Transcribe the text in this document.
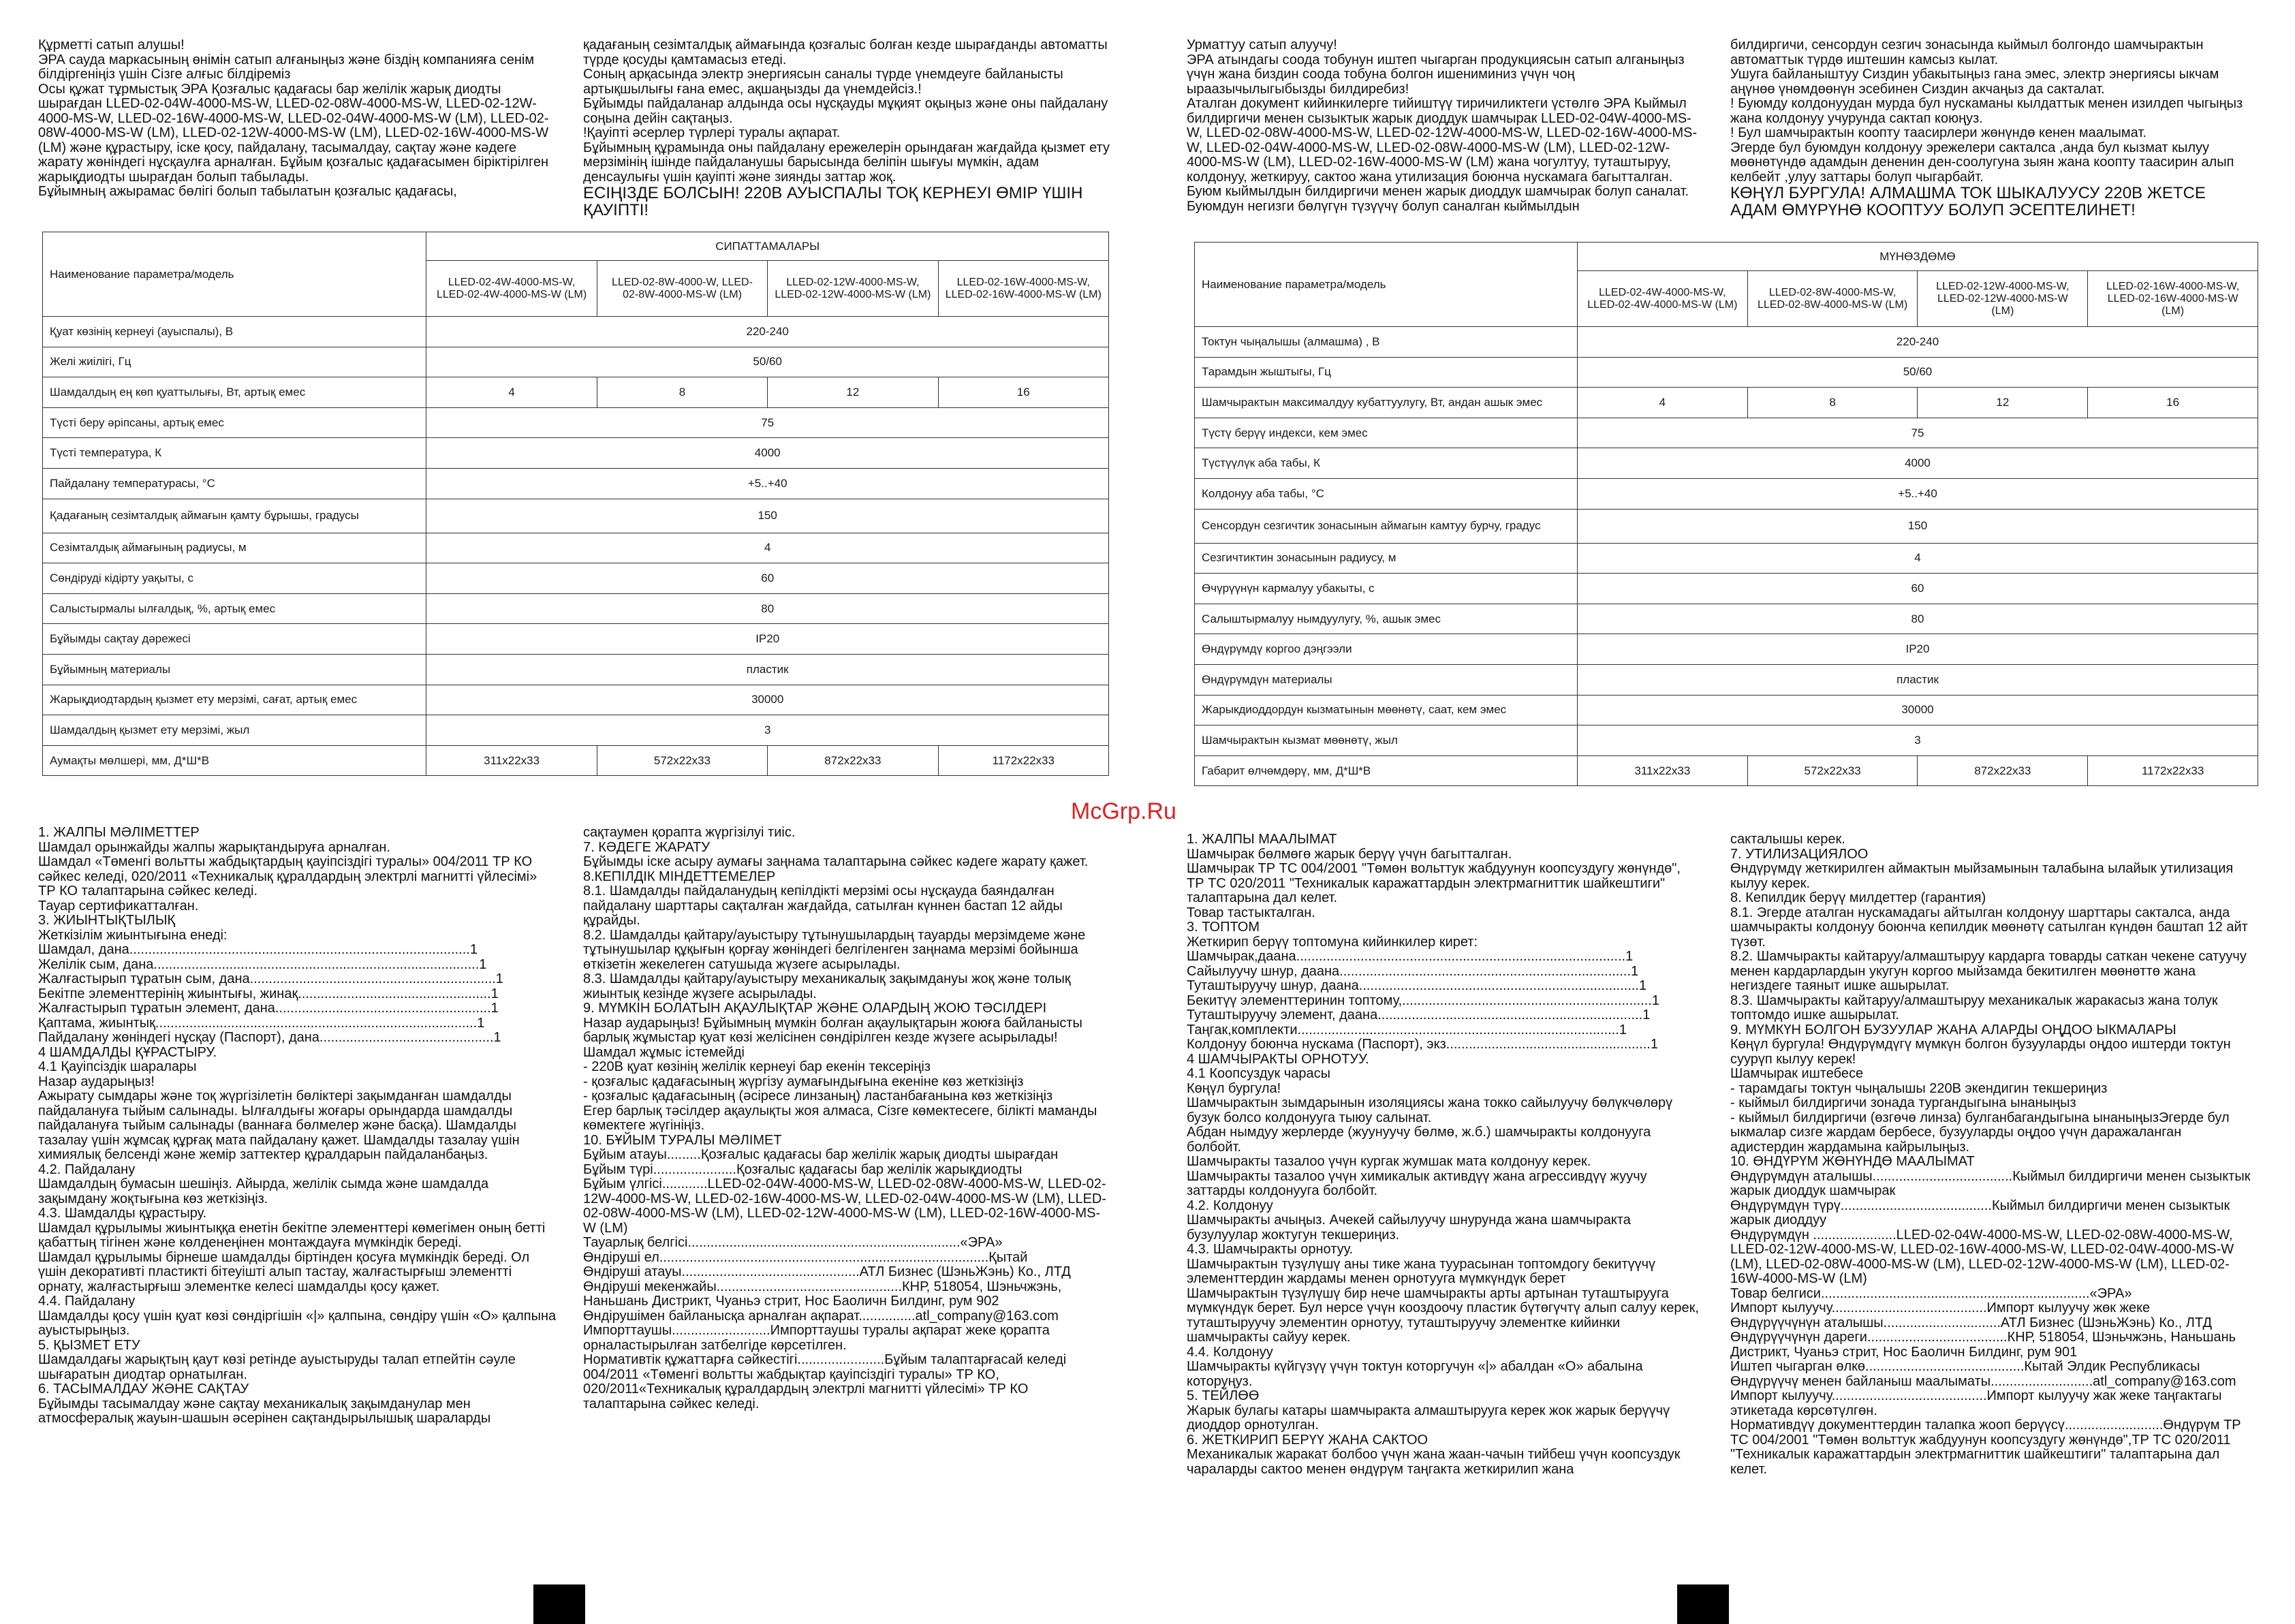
Құрметті сатып алушы!
ЭРА сауда маркасының өнімін сатып алғаныңыз және біздің компанияға сенім білдіргеніңіз үшін Сізге алғыс білдіреміз
Осы құжат тұрмыстық ЭРА Қозғалыс қадағасы бар желілік жарық диодты шырағдан LLED-02-04W-4000-MS-W, LLED-02-08W-4000-MS-W, LLED-02-12W-4000-MS-W, LLED-02-16W-4000-MS-W, LLED-02-04W-4000-MS-W (LM), LLED-02-08W-4000-MS-W (LM), LLED-02-12W-4000-MS-W (LM), LLED-02-16W-4000-MS-W (LM) және құрастыру, іске қосу, пайдалану, тасымалдау, сақтау және кәдеге жарату жөніндегі нұсқаулға арналған. Бұйым қозғалыс қадағасымен біріктірілген жарықдиодты шырағдан болып табылады.
Бұйымның ажырамас бөлігі болып табылатын қозғалыс қадағасы,
қадағаның сезімталдық аймағында қозғалыс болған кезде шырағданды автоматты түрде қосуды қамтамасыз етеді.
Соның арқасында электр энергиясын саналы түрде үнемдеуге байланысты артықшылығы ғана емес, ақшаңызды да үнемдейсіз.!
Бұйымды пайдаланар алдында осы нұсқауды мұқият оқыңыз және оны пайдалану соңына дейін сақтаңыз.
!Қауіпті әсерлер түрлері туралы ақпарат.
Бұйымның құрамында оны пайдалану ережелерін орындаған жағдайда қызмет ету мерзімінің ішінде пайдаланушы барысында беліпін шығуы мүмкін, адам денсаулығы үшін қауіпті және зиянды заттар жоқ.
ЕСІҢІЗДЕ БОЛСЫН! 220В АУЫСПАЛЫ ТОҚ КЕРНЕУІ ӨМІР ҮШІН ҚАУІПТІ!
Наименование параметра/модель	СИПАТТАМАЛАРЫ			
	LLED-02-4W-4000-MS-W, LLED-02-4W-4000-MS-W (LM)	LLED-02-8W-4000-W, LLED-02-8W-4000-MS-W (LM)	LLED-02-12W-4000-MS-W, LLED-02-12W-4000-MS-W (LM)	LLED-02-16W-4000-MS-W, LLED-02-16W-4000-MS-W (LM)
Қуат көзінің кернеуі (ауыспалы), В	220-240			
Желі жиілігі, Гц	50/60			
Шамдалдың ең көп қуаттылығы, Вт, артық емес	4	8	12	16
Түсті беру әріпсаны, артық емес	75			
Түсті температура, К	4000			
Пайдалану температурасы, °С	+5..+40			
Қадағаның сезімталдық аймағын қамту бұрышы, градусы	150			
Сезімталдық аймағының радиусы, м	4			
Сөндіруді кідірту уақыты, с	60			
Салыстырмалы ылғалдық, %, артық емес	80			
Бұйымды сақтау дәрежесі	IP20			
Бұйымның материалы	пластик			
Жарықдиодтардың қызмет ету мерзімі, сағат, артық емес	30000			
Шамдалдың қызмет ету мерзімі, жыл	3			
Аумақты мөлшері, мм, Д*Ш*В	311x22x33	572x22x33	872x22x33	1172x22x33
1. ЖАЛПЫ МӘЛІМЕТТЕР
Шамдал орынжайды жалпы жарықтандыруға арналған.
Шамдал «Төменгі вольтты жабдықтардың қауіпсіздігі туралы» 004/2011 ТР КО сәйкес келеді, 020/2011 «Техникалық құралдардың электрлі магнитті үйлесімі» ТР КО талаптарына сәйкес келеді.
Тауар сертификатталған.
3. ЖИЫНТЫҚТЫЛЫҚ
Жеткізілім жиынтығына енеді:
Шамдал, дана..........................................................................................1
Желілік сым, дана......................................................................................1
Жалғастырып тұратын сым, дана.................................................................1
Бекітпе элементтерінің жиынтығы, жинақ...................................................1
Жалғастырып тұратын элемент, дана.........................................................1
Қаптама, жиынтық.....................................................................................1
Пайдалану жөніндегі нұсқау (Паспорт), дана..............................................1
4 ШАМДАЛДЫ ҚҰРАСТЫРУ.
4.1 Қауіпсіздік шаралары
Назар аударыңыз!
Ажырату сымдары және тоқ жүргізілетін бөліктері зақымданған шамдалды пайдалануға тыйым салынады. Ылғалдығы жоғары орындарда шамдалды пайдалануға тыйым салынады (ваннаға бөлмелер және басқа). Шамдалды тазалау үшін жұмсақ құрғақ мата пайдалану қажет. Шамдалды тазалау үшін химиялық белсенді және жемір заттектер құралдарын пайдаланбаңыз.
4.2. Пайдалану
Шамдалдың бумасын шешіңіз. Айырда, желілік сымда және шамдалда зақымдану жоқтығына көз жеткізіңіз.
4.3. Шамдалды құрастыру.
Шамдал құрылымы жиынтыққа енетін бекітпе элементтері көмегімен оның бетті қабаттың тігінен және көлденеңінен монтаждауға мүмкіндік береді.
Шамдал құрылымы бірнеше шамдалды біртінден қосуға мүмкіндік береді. Ол үшін декоративті пластикті бітеуішті алып тастау, жалғастырғыш элементті орнату, жалғастырғыш элементке келесі шамдалды қосу қажет.
4.4. Пайдалану
Шамдалды қосу үшін қуат көзі сөндіргішін «|» қалпына, сөндіру үшін «О» қалпына ауыстырыңыз.
5. ҚЫЗМЕТ ЕТУ
Шамдалдағы жарықтың қаут көзі ретінде ауыстыруды талап етпейтін сәуле шығаратын диодтар орнатылған.
6. ТАСЫМАЛДАУ ЖӘНЕ САҚТАУ
Бұйымды тасымалдау және сақтау механикалық зақымданулар мен атмосфералық жауын-шашын әсерінен сақтандырылышық шараларды
сақтаумен қорапта жүргізілуі тиіс.
7. КӘДЕГЕ ЖАРАТУ
Бұйымды іске асыру аумағы заңнама талаптарына сәйкес кәдеге жарату қажет.
8.КЕПІЛДІК МІНДЕТТЕМЕЛЕР
8.1. Шамдалды пайдаланудың кепілдікті мерзімі осы нұсқауда баяндалған пайдалану шарттары сақталған жағдайда, сатылған күннен бастап 12 айды құрайды.
8.2. Шамдалды қайтару/ауыстыру тұтынушылардың тауарды мерзімдеме және тұтынушылар құқығын қорғау жөніндегі белгіленген заңнама мерзімі бойынша өткізетін жекелеген сатушыда жүзеге асырылады.
8.3. Шамдалды қайтару/ауыстыру механикалық зақымдануы жоқ және толық жиынтық кезінде жүзеге асырылады.
9. МҮМКІН БОЛАТЫН АҚАУЛЫҚТАР ЖӘНЕ ОЛАРДЫҢ ЖОЮ ТӘСІЛДЕРІ
Назар аударыңыз! Бұйымның мүмкін болған ақаулықтарын жоюға байланысты барлық жұмыстар қуат көзі желісінен сөндірілген кезде жүзеге асырылады!
Шамдал жұмыс істемейді
- 220В қуат көзінің желілік кернеуі бар екенін тексеріңіз
- қозғалыс қадағасының жүргізу аумағындығына екеніне көз жеткізіңіз
- қозғалыс қадағасының (әсіресе линзаның) ластанбағанына көз жеткізіңіз
Егер барлық тәсілдер ақаулықты жоя алмаса, Сізге көмектесеге, білікті маманды көмектеге жүгініңіз.
10. БҰЙЫМ ТУРАЛЫ МӘЛІМЕТ
Бұйым атауы.........Қозғалыс қадағасы бар желілік жарық диодты шырағдан
Бұйым түрі......................Қозғалыс қадағасы бар желілік жарықдиодты
Бұйым үлгісі............LLED-02-04W-4000-MS-W, LLED-02-08W-4000-MS-W, LLED-02-12W-4000-MS-W, LLED-02-16W-4000-MS-W, LLED-02-04W-4000-MS-W (LM), LLED-02-08W-4000-MS-W (LM), LLED-02-12W-4000-MS-W (LM), LLED-02-16W-4000-MS-W (LM)
Тауарлық белгісі........................................................................«ЭРА»
Өндіруші ел.......................................................................................Қытай
Өндіруші атауы...............................................АТЛ Бизнес (ШэньЖэнь) Ко., ЛТД
Өндіруші мекенжайы.................................................КНР, 518054, Шэньчжэнь, Наньшань Дистрикт, Чуаньэ стрит, Нос Баоличн Билдинг, рум 902
Өндірушімен байланысқа арналған ақпарат...............atl_company@163.com
Импорттаушы..........................Импорттаушы туралы ақпарат жеке қорапта орналастырылған затбелгіде көрсетілген.
Нормативтік құжаттарға сәйкестігі.......................Бұйым талаптарғасай келеді 004/2011 «Төменгі вольтты жабдықтар қауіпсіздігі туралы» ТР КО, 020/2011«Техникалық құралдардың электрлі магнитті үйлесімі» ТР КО талаптарына сәйкес келеді.
Урматтуу сатып алуучу!
ЭРА атындагы соода тобунун иштеп чыгарган продукциясын сатып алганыңыз үчүн жана биздин соода тобуна болгон ишениминиз үчүн чоң ыраазычылыгыбызды билдиребиз!
Аталган документ кийинкилерге тийиштүү тиричиликтеги үстөлгө ЭРА Кыймыл билдиргичи менен сызыктык жарык диоддук шамчырак LLED-02-04W-4000-MS-W, LLED-02-08W-4000-MS-W, LLED-02-12W-4000-MS-W, LLED-02-16W-4000-MS-W, LLED-02-04W-4000-MS-W, LLED-02-08W-4000-MS-W (LM), LLED-02-12W-4000-MS-W (LM), LLED-02-16W-4000-MS-W (LM) жана чогултуу, туташтыруу, колдонуу, жеткируу, сактоо жана утилизация боюнча нускамага багытталган. Буюм кыймылдын билдиргичи менен жарык диоддук шамчырак болуп саналат.
Буюмдун негизги бөлүгүн түзүүчү болуп саналган кыймылдын
билдиргичи, сенсордун сезгич зонасында кыймыл болгондо шамчырактын автоматтык түрдө иштешин камсыз кылат.
Ушуга байланыштуу Сиздин убакытыңыз гана эмес, электр энергиясы ыкчам аңүнөө үнөмдөөнүн эсебинен Сиздин акчаңыз да сакталат.
! Буюмду колдонуудан мурда бул нускаманы кылдаттык менен изилдеп чыгыңыз жана колдонуу учурунда сактап коюңуз.
! Бул шамчырактын коопту таасирлери жөнүндө кенен маалымат.
Эгерде бул буюмдун колдонуу эрежелери сакталса ,анда бул кызмат кылуу мөөнөтүндө адамдын дененин ден-соолугуна зыян жана коопту таасирин алып келбейт ,улуу заттары болуп чыгарбайт.
КӨҢҮЛ БУРГУЛА! АЛМАШМА ТОК ШЫКАЛУУСУ 220В ЖЕТСЕ АДАМ ӨМҮРҮНӨ КООПТУУ БОЛУП ЭСЕПТЕЛИНЕТ!
Наименование параметра/модель	МҮНӨЗДӨМӨ			
	LLED-02-4W-4000-MS-W, LLED-02-4W-4000-MS-W (LM)	LLED-02-8W-4000-MS-W, LLED-02-8W-4000-MS-W (LM)	LLED-02-12W-4000-MS-W, LLED-02-12W-4000-MS-W (LM)	LLED-02-16W-4000-MS-W, LLED-02-16W-4000-MS-W (LM)
Токтун чыңалышы (алмашма) , В	220-240			
Тарамдын жыштыгы, Гц	50/60			
Шамчырактын максималдуу кубаттуулугу, Вт, андан ашык эмес	4	8	12	16
Түстү берүү индекси, кем эмес	75			
Түстүүлүк аба табы, К	4000			
Колдонуу аба табы, °С	+5..+40			
Сенсордун сезгичтик зонасынын аймагын камтуу бурчу, градус	150			
Сезгичтиктин зонасынын радиусу, м	4			
Өчүрүүнүн кармалуу убакыты, с	60			
Салыштырмалуу нымдуулугу, %, ашык эмес	80			
Өндүрүмдү коргоо дэңгээли	IP20			
Өндүрүмдүн материалы	пластик			
Жарыкдиоддордун кызматынын мөөнөтү, саат, кем эмес	30000			
Шамчырактын кызмат мөөнөтү, жыл	3			
Габарит өлчөмдөрү, мм, Д*Ш*В	311x22x33	572x22x33	872x22x33	1172x22x33
1. ЖАЛПЫ МААЛЫМАТ
Шамчырак бөлмөгө жарык берүү үчүн багытталган.
Шамчырак ТР ТС 004/2001 "Төмөн вольттук жабдуунун коопсуздугу жөнүндө", ТР ТС 020/2011 "Техникалык каражаттардын электрмагниттик шайкештиги" талаптарына дал келет.
Товар тастыкталган.
3. ТОПТОМ
Жеткирип берүү топтомуна кийинкилер кирет:
Шамчырак,даана.......................................................................................1
Сайылуучу шнур, даана.............................................................................1
Туташтыруучу шнур, даана..........................................................................1
Бекитүү элементтеринин топтому,..................................................................1
Туташтыруучу элемент, даана......................................................................1
Таңгак,комплекти.....................................................................................1
Колдонуу боюнча нускама (Паспорт), экз......................................................1
4 ШАМЧЫРАКТЫ ОРНОТУУ.
4.1 Коопсуздук чарасы
Көңүл бургула!
Шамчырактын зымдарынын изоляциясы жана токко сайылуучу бөлүкчөлөрү бузук болсо колдонууга тыюу салынат.
Абдан нымдуу жерлерде (жуунуучу бөлмө, ж.б.) шамчыракты колдонууга болбойт.
Шамчыракты тазалоо үчүн кургак жумшак мата колдонуу керек.
Шамчыракты тазалоо үчүн химикалык активдүү жана агрессивдүү жуучу заттарды колдонууга болбойт.
4.2. Колдонуу
Шамчыракты ачыңыз. Ачекей сайылуучу шнурунда жана шамчыракта бузулуулар жоктугун текшериңиз.
4.3. Шамчыракты орнотуу.
Шамчырактын түзүлүшү аны тике жана туурасынан топтомдогу бекитүүчү элементтердин жардамы менен орнотууга мүмкүндүк берет
Шамчырактын түзүлүшү бир нече шамчыракты арты артынан туташтырууга мүмкүндүк берет. Бул нерсе үчүн кооздоочу пластик бүтөгүчтү алып салуу керек, туташтыруучу элементин орнотуу, туташтыруучу элементке кийинки шамчыракты сайуу керек.
4.4. Колдонуу
Шамчыракты күйгүзүү үчүн токтун которгучун «|» абалдан «О» абалына которуңуз.
5. ТЕЙЛӨӨ
Жарык булагы катары шамчыракта алмаштырууга керек жок жарык берүүчү диоддор орнотулган.
6. ЖЕТКИРИП БЕРҮҮ ЖАНА САКТОО
Механикалык жаракат болбоо үчүн жана жаан-чачын тийбеш үчүн коопсуздук чараларды сактоо менен өндүрүм таңгакта жеткирилип жана
сакталышы керек.
7. УТИЛИЗАЦИЯЛОО
Өндүрүмдү жеткирилген аймактын мыйзамынын талабына ылайык утилизация кылуу керек.
8. Кепилдик берүү милдеттер (гарантия)
8.1. Эгерде аталган нускамадагы айтылган колдонуу шарттары сакталса, анда шамчыракты колдонуу боюнча кепилдик мөөнөтү сатылган күндөн баштап 12 айт түзөт.
8.2. Шамчыракты кайтаруу/алмаштыруу кардарга товарды саткан чекене сатуучу менен кардарлардын укугун коргоо мыйзамда бекитилген мөөнөттө жана негиздеге таяныт ишке ашырылат.
8.3. Шамчыракты кайтаруу/алмаштыруу механикалык жаракасыз жана толук топтомдо ишке ашырылат.
9. МҮМКҮН БОЛГОН БУЗУУЛАР ЖАНА АЛАРДЫ ОҢДОО ЫКМАЛАРЫ
Көңүл бургула! Өндүрүмдүгү мүмкүн болгон бузууларды оңдоо иштерди токтун суурүп кылуу керек!
Шамчырак иштебесе
- тарамдагы токтун чыңалышы 220В экендигин текшериңиз
- кыймыл билдиргичи зонада тургандыгына ынаныңыз
- кыймыл билдиргичи (өзгөчө линза) булганбагандыгына ынаныңызЭгерде бул ыкмалар сизге жардам бербесе, бузууларды оңдоо үчүн даражаланган адистердин жардамына кайрылыңыз.
10. ӨНДҮРҮМ ЖӨНҮНДӨ МААЛЫМАТ
Өндүрүмдүн аталышы.....................................Кыймыл билдиргичи менен сызыктык жарык диоддук шамчырак
Өндүрүмдүн түрү........................................Кыймыл билдиргичи менен сызыктык жарык диоддуу
Өндүрүмдүн ......................LLED-02-04W-4000-MS-W, LLED-02-08W-4000-MS-W, LLED-02-12W-4000-MS-W, LLED-02-16W-4000-MS-W, LLED-02-04W-4000-MS-W (LM), LLED-02-08W-4000-MS-W (LM), LLED-02-12W-4000-MS-W (LM), LLED-02-16W-4000-MS-W (LM)
Товар белгиси.......................................................................«ЭРА»
Импорт кылуучу.........................................Импорт кылуучу жөк жеке
Өндүрүүчүнүн аталышы...............................АТЛ Бизнес (ШэньЖэнь) Ко., ЛТД
Өндүрүүчүнүн дареги.....................................КНР, 518054, Шэньчжэнь, Наньшань Дистрикт, Чуаньэ стрит, Нос Баоличн Билдинг, рум 901
Иштеп чыгарган өлкө..........................................Кытай Элдик Республикасы
Өндүрүүчү менен байланыш маалыматы...........................atl_company@163.com
Импорт кылуучу.........................................Импорт кылуучу жак жеке таңгактагы этикетада көрсөтүлгөн.
Нормативдүү документтердин талапка жооп берүүсү..........................Өндүрүм ТР ТС 004/2001 "Төмөн вольттук жабдуунун коопсуздугу жөнүндө",ТР ТС 020/2011 "Техникалык каражаттардын электрмагниттик шайкештиги" талаптарына дал келет.
McGrp.Ru
